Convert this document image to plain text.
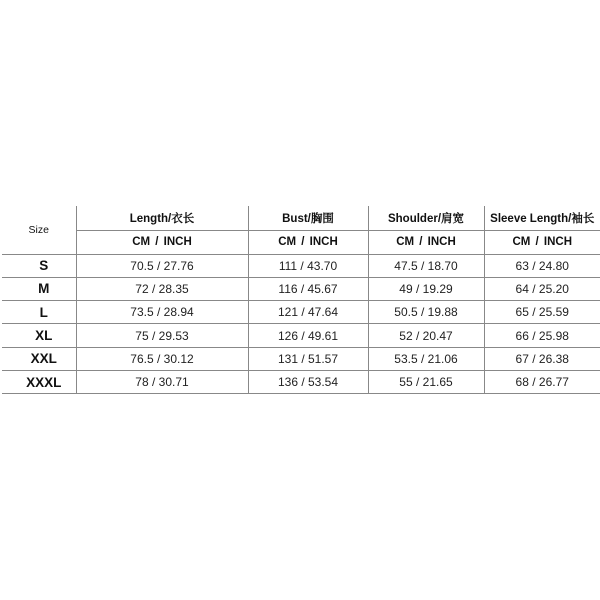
Size	Length/衣长	Bust/胸围	Shoulder/肩宽	Sleeve Length/袖长
	CM / INCH	CM / INCH	CM / INCH	CM / INCH
S	70.5 / 27.76	111 / 43.70	47.5 / 18.70	63 / 24.80
M	72 / 28.35	116 / 45.67	49 / 19.29	64 / 25.20
L	73.5 / 28.94	121 / 47.64	50.5 / 19.88	65 / 25.59
XL	75 / 29.53	126 / 49.61	52 / 20.47	66 / 25.98
XXL	76.5 / 30.12	131 / 51.57	53.5 / 21.06	67 / 26.38
XXXL	78 / 30.71	136 / 53.54	55 / 21.65	68 / 26.77
